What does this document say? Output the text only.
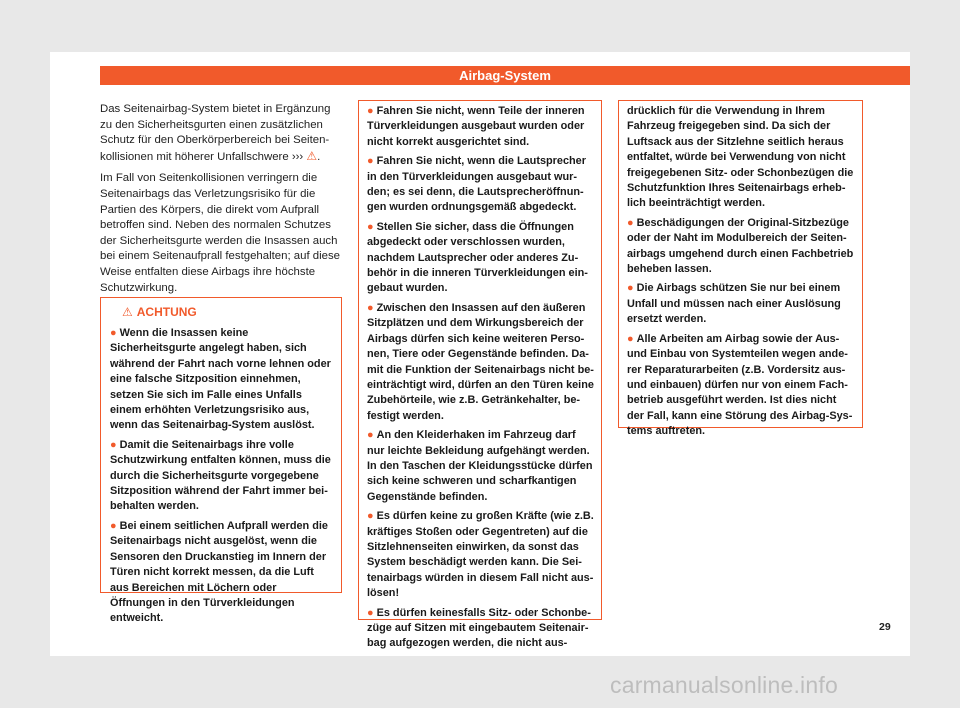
Airbag-System

Das Seitenairbag-System bietet in Ergänzung zu den Sicherheitsgurten einen zusätzlichen Schutz für den Oberkörperbereich bei Seitenkollisionen mit höherer Unfallschwere ››› ⚠.

Im Fall von Seitenkollisionen verringern die Seitenairbags das Verletzungsrisiko für die Partien des Körpers, die direkt vom Aufprall betroffen sind. Neben des normalen Schutzes der Sicherheitsgurte werden die Insassen auch bei einem Seitenaufprall festgehalten; auf diese Weise entfalten diese Airbags ihre höchste Schutzwirkung.

⚠ ACHTUNG
● Wenn die Insassen keine Sicherheitsgurte angelegt haben, sich während der Fahrt nach vorne lehnen oder eine falsche Sitzposition einnehmen, setzen Sie sich im Falle eines Unfalls einem erhöhten Verletzungsrisiko aus, wenn das Seitenairbag-System auslöst.
● Damit die Seitenairbags ihre volle Schutzwirkung entfalten können, muss die durch die Sicherheitsgurte vorgegebene Sitzposition während der Fahrt immer beibehalten werden.
● Bei einem seitlichen Aufprall werden die Seitenairbags nicht ausgelöst, wenn die Sensoren den Druckanstieg im Innern der Türen nicht korrekt messen, da die Luft aus Bereichen mit Löchern oder Öffnungen in den Türverkleidungen entweicht.
● Fahren Sie nicht, wenn Teile der inneren Türverkleidungen ausgebaut wurden oder nicht korrekt ausgerichtet sind.
● Fahren Sie nicht, wenn die Lautsprecher in den Türverkleidungen ausgebaut wurden; es sei denn, die Lautsprecheröffnungen wurden ordnungsgemäß abgedeckt.
● Stellen Sie sicher, dass die Öffnungen abgedeckt oder verschlossen wurden, nachdem Lautsprecher oder anderes Zubehör in die inneren Türverkleidungen eingebaut wurden.
● Zwischen den Insassen auf den äußeren Sitzplätzen und dem Wirkungsbereich der Airbags dürfen sich keine weiteren Personen, Tiere oder Gegenstände befinden. Damit die Funktion der Seitenairbags nicht beeinträchtigt wird, dürfen an den Türen keine Zubehörteile, wie z.B. Getränkehalter, befestigt werden.
● An den Kleiderhaken im Fahrzeug darf nur leichte Bekleidung aufgehängt werden. In den Taschen der Kleidungsstücke dürfen sich keine schweren und scharfkantigen Gegenstände befinden.
● Es dürfen keine zu großen Kräfte (wie z.B. kräftiges Stoßen oder Gegentreten) auf die Sitzlehnenseiten einwirken, da sonst das System beschädigt werden kann. Die Seitenairbags würden in diesem Fall nicht auslösen!
● Es dürfen keinesfalls Sitz- oder Schonbezüge auf Sitzen mit eingebautem Seitenairbag aufgezogen werden, die nicht aus-
drücklich für die Verwendung in Ihrem Fahrzeug freigegeben sind. Da sich der Luftsack aus der Sitzlehne seitlich heraus entfaltet, würde bei Verwendung von nicht freigegebenen Sitz- oder Schonbezügen die Schutzfunktion Ihres Seitenairbags erheblich beeinträchtigt werden.
● Beschädigungen der Original-Sitzbezüge oder der Naht im Modulbereich der Seitenairbags umgehend durch einen Fachbetrieb beheben lassen.
● Die Airbags schützen Sie nur bei einem Unfall und müssen nach einer Auslösung ersetzt werden.
● Alle Arbeiten am Airbag sowie der Aus- und Einbau von Systemteilen wegen anderer Reparaturarbeiten (z.B. Vordersitz aus- und einbauen) dürfen nur von einem Fachbetrieb ausgeführt werden. Ist dies nicht der Fall, kann eine Störung des Airbag-Systems auftreten.
29
carmanualsonline.info
